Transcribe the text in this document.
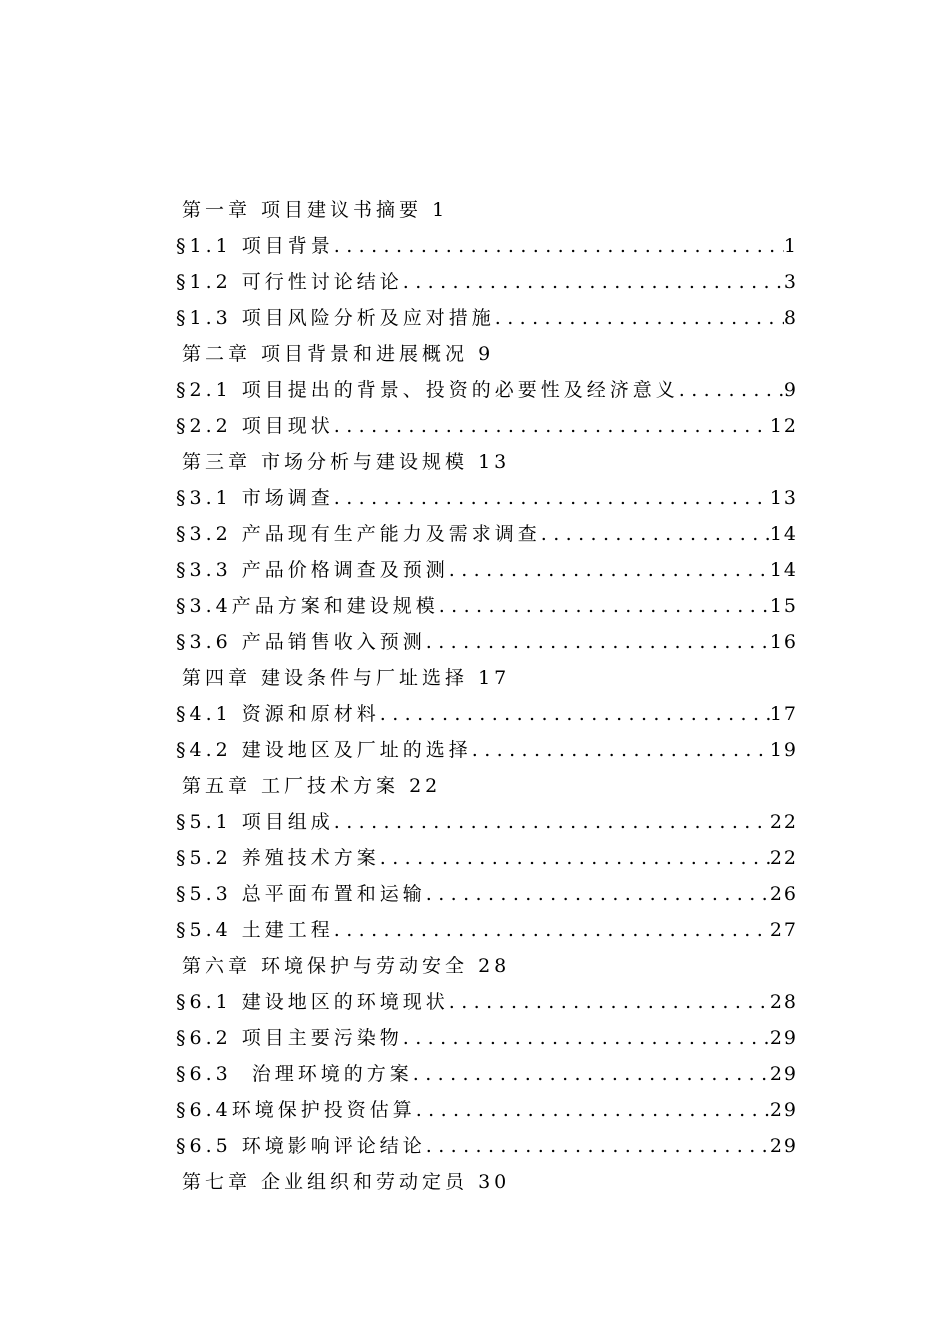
第一章 项目建议书摘要 1
§1.1 项目背景 .....	1
§1.2 可行性讨论结论 .....	3
§1.3 项目风险分析及应对措施 .....	8
第二章 项目背景和进展概况 9
§2.1 项目提出的背景、投资的必要性及经济意义 .....	9
§2.2 项目现状 .....	12
第三章 市场分析与建设规模 13
§3.1 市场调查 .....	13
§3.2 产品现有生产能力及需求调查 .....	14
§3.3 产品价格调查及预测 .....	14
§3.4产品方案和建设规模 .....	15
§3.6 产品销售收入预测 .....	16
第四章 建设条件与厂址选择 17
§4.1 资源和原材料 .....	17
§4.2 建设地区及厂址的选择 .....	19
第五章 工厂技术方案 22
§5.1 项目组成 .....	22
§5.2 养殖技术方案 .....	22
§5.3 总平面布置和运输 .....	26
§5.4 土建工程 .....	27
第六章 环境保护与劳动安全 28
§6.1 建设地区的环境现状 .....	28
§6.2 项目主要污染物 .....	29
§6.3  治理环境的方案 .....	29
§6.4环境保护投资估算 .....	29
§6.5 环境影响评论结论 .....	29
第七章 企业组织和劳动定员 30
